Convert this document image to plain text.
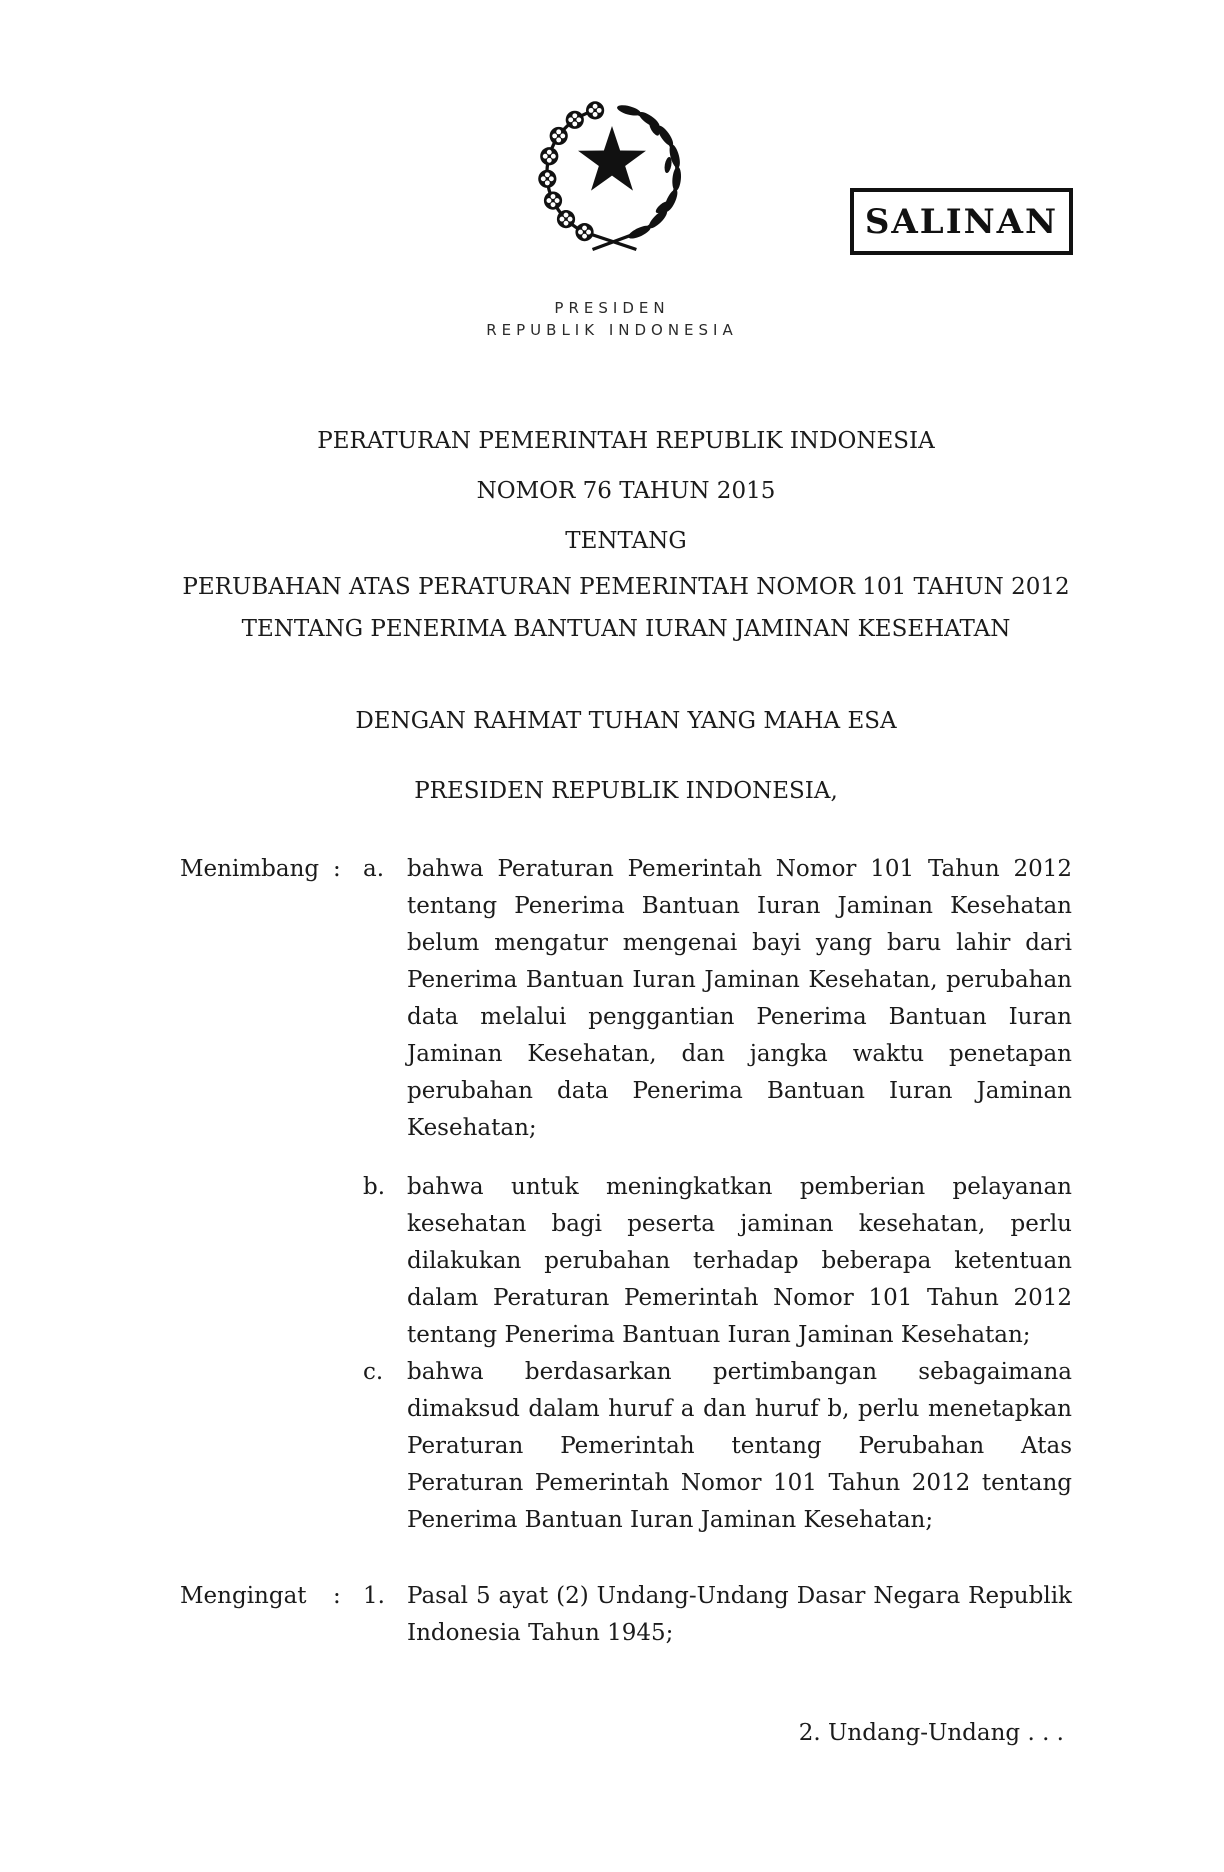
PRESIDEN
REPUBLIK INDONESIA
SALINAN
PERATURAN PEMERINTAH REPUBLIK INDONESIA
NOMOR 76 TAHUN 2015
TENTANG
PERUBAHAN ATAS PERATURAN PEMERINTAH NOMOR 101 TAHUN 2012
TENTANG PENERIMA BANTUAN IURAN JAMINAN KESEHATAN
DENGAN RAHMAT TUHAN YANG MAHA ESA
PRESIDEN REPUBLIK INDONESIA,
Menimbang : a. bahwa Peraturan Pemerintah Nomor 101 Tahun 2012 tentang Penerima Bantuan Iuran Jaminan Kesehatan belum mengatur mengenai bayi yang baru lahir dari Penerima Bantuan Iuran Jaminan Kesehatan, perubahan data melalui penggantian Penerima Bantuan Iuran Jaminan Kesehatan, dan jangka waktu penetapan perubahan data Penerima Bantuan Iuran Jaminan Kesehatan;
b. bahwa untuk meningkatkan pemberian pelayanan kesehatan bagi peserta jaminan kesehatan, perlu dilakukan perubahan terhadap beberapa ketentuan dalam Peraturan Pemerintah Nomor 101 Tahun 2012 tentang Penerima Bantuan Iuran Jaminan Kesehatan;
c.	bahwa berdasarkan pertimbangan sebagaimana dimaksud dalam huruf a dan huruf b, perlu menetapkan Peraturan Pemerintah tentang Perubahan Atas Peraturan Pemerintah Nomor 101 Tahun 2012 tentang Penerima Bantuan Iuran Jaminan Kesehatan;
Mengingat	: 1. Pasal 5 ayat (2) Undang-Undang Dasar Negara Republik Indonesia Tahun 1945;
2. Undang-Undang . . .
